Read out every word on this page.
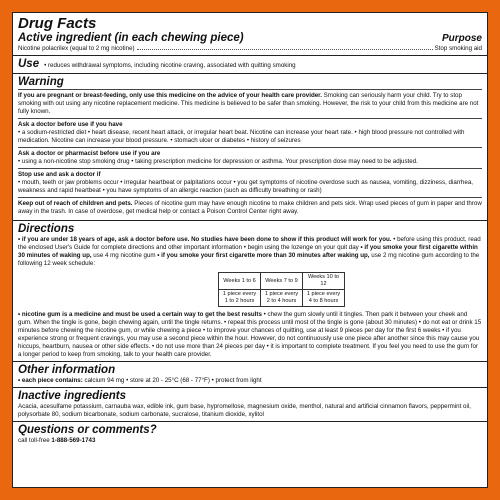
Drug Facts
Active ingredient (in each chewing piece)	Purpose
Nicotine polacrilex (equal to 2 mg nicotine)	Stop smoking aid
Use • reduces withdrawal symptoms, including nicotine craving, associated with quitting smoking
Warning
If you are pregnant or breast-feeding, only use this medicine on the advice of your health care provider. Smoking can seriously harm your child. Try to stop smoking with out using any nicotine replacement medicine. This medicine is believed to be safer than smoking. However, the risk to your child from this medicine are not fully known.
Ask a doctor before use if you have
• a sodium-restricted diet • heart disease, recent heart attack, or irregular heart beat. Nicotine can increase your heart rate. • high blood pressure not controlled with medication. Nicotine can increase your blood pressure. • stomach ulcer or diabetes • history of seizures
Ask a doctor or pharmacist before use if you are
• using a non-nicotine stop smoking drug • taking prescription medicine for depression or asthma. Your prescription dose may need to be adjusted.
Stop use and ask a doctor if
• mouth, teeth or jaw problems occur • irregular heartbeat or palpitations occur • you get symptoms of nicotine overdose such as nausea, vomiting, dizziness, diarrhea, weakness and rapid heartbeat • you have symptoms of an allergic reaction (such as difficulty breathing or rash)
Keep out of reach of children and pets. Pieces of nicotine gum may have enough nicotine to make children and pets sick. Wrap used pieces of gum in paper and throw away in the trash. In case of overdose, get medical help or contact a Poison Control Center right away.
Directions
• if you are under 18 years of age, ask a doctor before use. No studies have been done to show if this product will work for you. • before using this product, read the enclosed User's Guide for complete directions and other important information • begin using the lozenge on your quit day • if you smoke your first cigarette within 30 minutes of waking up, use 4 mg nicotine gum • if you smoke your first cigarette more than 30 minutes after waking up, use 2 mg nicotine gum according to the following 12 week schedule:
Weeks 1 to 6	Weeks 7 to 9	Weeks 10 to 12
1 piece every 1 to 2 hours	1 piece every 2 to 4 hours	1 piece every 4 to 8 hours
• nicotine gum is a medicine and must be used a certain way to get the best results • chew the gum slowly until it tingles. Then park it between your cheek and gum. When the tingle is gone, begin chewing again, until the tingle returns. • repeat this process until most of the tingle is gone (about 30 minutes) • do not eat or drink 15 minutes before chewing the nicotine gum, or while chewing a piece • to improve your chances of quitting, use at least 9 pieces per day for the first 6 weeks • if you experience strong or frequent cravings, you may use a second piece within the hour. However, do not continuously use one piece after another since this may cause you hiccups, heartburn, nausea or other side effects. • do not use more than 24 pieces per day • it is important to complete treatment. If you feel you need to use the gum for a longer period to keep from smoking, talk to your health care provider.
Other information
• each piece contains: calcium 94 mg • store at 20 - 25°C (68 - 77°F) • protect from light
Inactive ingredients
Acacia, acesulfame potassium, carnauba wax, edible ink, gum base, hypromellose, magnesium oxide, menthol, natural and artificial cinnamon flavors, peppermint oil, polysorbate 80, sodium bicarbonate, sodium carbonate, sucralose, titanium dioxide, xylitol
Questions or comments?
call toll-free 1-888-569-1743
